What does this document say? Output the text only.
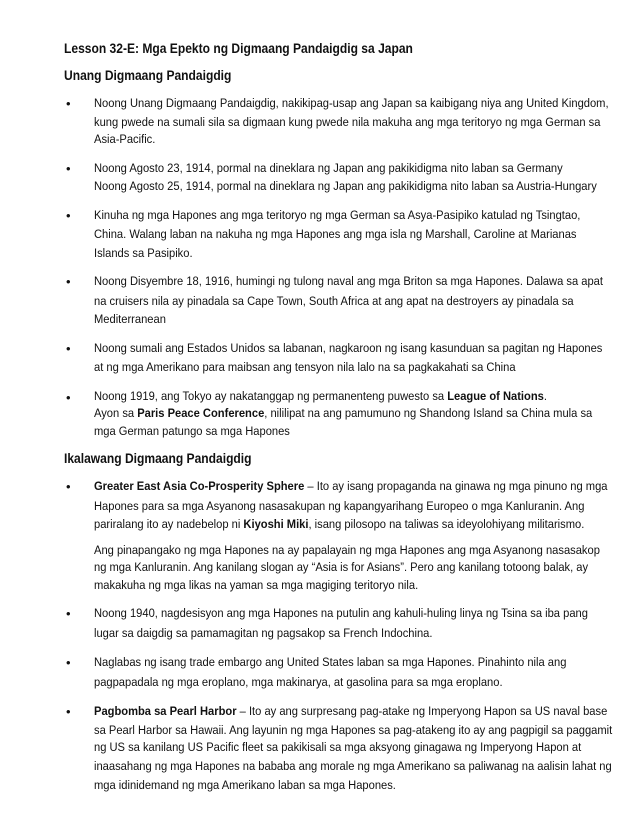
Lesson 32-E: Mga Epekto ng Digmaang Pandaigdig sa Japan
Unang Digmaang Pandaigdig
• Noong Unang Digmaang Pandaigdig, nakikipag-usap ang Japan sa kaibigang niya ang United Kingdom,
kung pwede na sumali sila sa digmaan kung pwede nila makuha ang mga teritoryo ng mga German sa
Asia-Pacific.
• Noong Agosto 23, 1914, pormal na dineklara ng Japan ang pakikidigma nito laban sa Germany
Noong Agosto 25, 1914, pormal na dineklara ng Japan ang pakikidigma nito laban sa Austria-Hungary
• Kinuha ng mga Hapones ang mga teritoryo ng mga German sa Asya-Pasipiko katulad ng Tsingtao,
China. Walang laban na nakuha ng mga Hapones ang mga isla ng Marshall, Caroline at Marianas
Islands sa Pasipiko.
• Noong Disyembre 18, 1916, humingi ng tulong naval ang mga Briton sa mga Hapones. Dalawa sa apat
na cruisers nila ay pinadala sa Cape Town, South Africa at ang apat na destroyers ay pinadala sa
Mediterranean
• Noong sumali ang Estados Unidos sa labanan, nagkaroon ng isang kasunduan sa pagitan ng Hapones
at ng mga Amerikano para maibsan ang tensyon nila lalo na sa pagkakahati sa China
• Noong 1919, ang Tokyo ay nakatanggap ng permanenteng puwesto sa League of Nations.
Ayon sa Paris Peace Conference, nililipat na ang pamumuno ng Shandong Island sa China mula sa
mga German patungo sa mga Hapones
Ikalawang Digmaang Pandaigdig
• Greater East Asia Co-Prosperity Sphere – Ito ay isang propaganda na ginawa ng mga pinuno ng mga
Hapones para sa mga Asyanong nasasakupan ng kapangyarihang Europeo o mga Kanluranin. Ang
pariralang ito ay nadebelop ni Kiyoshi Miki, isang pilosopo na taliwas sa ideyolohiyang militarismo.
Ang pinapangako ng mga Hapones na ay papalayain ng mga Hapones ang mga Asyanong nasasakop
ng mga Kanluranin. Ang kanilang slogan ay “Asia is for Asians”. Pero ang kanilang totoong balak, ay
makakuha ng mga likas na yaman sa mga magiging teritoryo nila.
• Noong 1940, nagdesisyon ang mga Hapones na putulin ang kahuli-huling linya ng Tsina sa iba pang
lugar sa daigdig sa pamamagitan ng pagsakop sa French Indochina.
• Naglabas ng isang trade embargo ang United States laban sa mga Hapones. Pinahinto nila ang
pagpapadala ng mga eroplano, mga makinarya, at gasolina para sa mga eroplano.
• Pagbomba sa Pearl Harbor – Ito ay ang surpresang pag-atake ng Imperyong Hapon sa US naval base
sa Pearl Harbor sa Hawaii. Ang layunin ng mga Hapones sa pag-atakeng ito ay ang pagpigil sa paggamit
ng US sa kanilang US Pacific fleet sa pakikisali sa mga aksyong ginagawa ng Imperyong Hapon at
inaasahang ng mga Hapones na bababa ang morale ng mga Amerikano sa paliwanag na aalisin lahat ng
mga idinidemand ng mga Amerikano laban sa mga Hapones.
